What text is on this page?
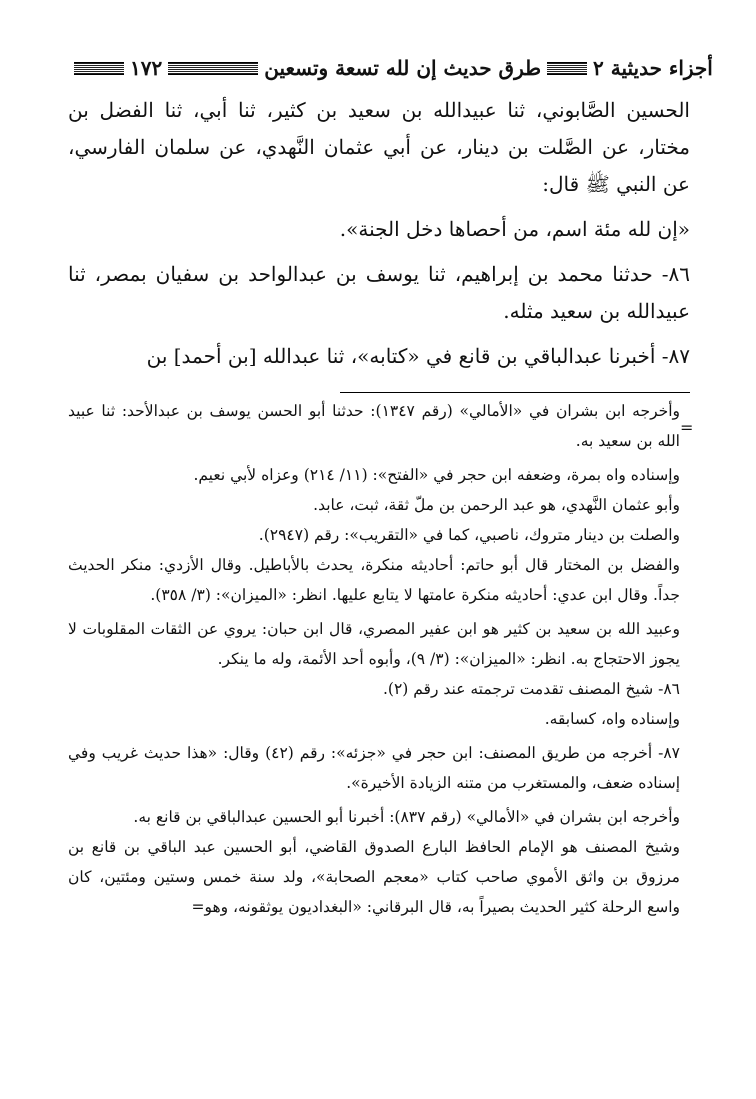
١٧٢	طرق حديث إن لله تسعة وتسعين	أجزاء حديثية ٢

الحسين الصَّابوني، ثنا عبيدالله بن سعيد بن كثير، ثنا أبي، ثنا الفضل بن مختار، عن الصَّلت بن دينار، عن أبي عثمان النَّهدي، عن سلمان الفارسي، عن النبي ﷺ قال:

«إن لله مئة اسم، من أحصاها دخل الجنة».

٨٦- حدثنا محمد بن إبراهيم، ثنا يوسف بن عبدالواحد بن سفيان بمصر، ثنا عبيدالله بن سعيد مثله.

٨٧- أخبرنا عبدالباقي بن قانع في «كتابه»، ثنا عبدالله [بن أحمد] بن

=

وأخرجه ابن بشران في «الأمالي» (رقم ١٣٤٧): حدثنا أبو الحسن يوسف بن عبدالأحد: ثنا عبيد الله بن سعيد به.

وإسناده واه بمرة، وضعفه ابن حجر في «الفتح»: (١١/ ٢١٤) وعزاه لأبي نعيم.

وأبو عثمان النَّهدي، هو عبد الرحمن بن ملّ ثقة، ثبت، عابد.

والصلت بن دينار متروك، ناصبي، كما في «التقريب»: رقم (٢٩٤٧).

والفضل بن المختار قال أبو حاتم: أحاديثه منكرة، يحدث بالأباطيل. وقال الأزدي: منكر الحديث جداً. وقال ابن عدي: أحاديثه منكرة عامتها لا يتابع عليها. انظر: «الميزان»: (٣/ ٣٥٨).

وعبيد الله بن سعيد بن كثير هو ابن عفير المصري، قال ابن حبان: يروي عن الثقات المقلوبات لا يجوز الاحتجاج به. انظر: «الميزان»: (٣/ ٩)، وأبوه أحد الأئمة، وله ما ينكر.

٨٦- شيخ المصنف تقدمت ترجمته عند رقم (٢).

وإسناده واه، كسابقه.

٨٧- أخرجه من طريق المصنف: ابن حجر في «جزئه»: رقم (٤٢) وقال: «هذا حديث غريب وفي إسناده ضعف، والمستغرب من متنه الزيادة الأخيرة».

وأخرجه ابن بشران في «الأمالي» (رقم ٨٣٧): أخبرنا أبو الحسين عبدالباقي بن قانع به.

وشيخ المصنف هو الإمام الحافظ البارع الصدوق القاضي، أبو الحسين عبد الباقي بن قانع بن مرزوق بن واثق الأموي صاحب كتاب «معجم الصحابة»، ولد سنة خمس وستين ومئتين، كان واسع الرحلة كثير الحديث بصيراً به، قال البرقاني: «البغداديون يوثقونه، وهو=
